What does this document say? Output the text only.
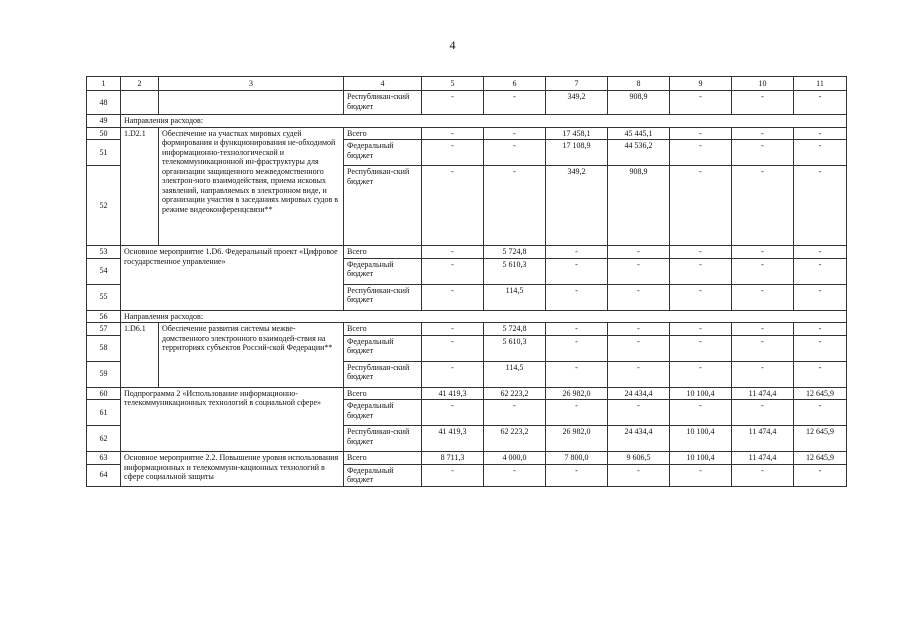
4
1	2	3	4	5	6	7	8	9	10	11
48			Республикан-ский бюджет	-	-	349,2	908,9	-	-	-
49	Направления расходов:									
50	1.D2.1	Обеспечение на участках мировых судей формирования и функционирования не-обходимой информационно-технологической и телекоммуникационной ин-фраструктуры для организации защищенного межведомственного электрон-ного взаимодействия, приема исковых заявлений, направляемых в электронном виде, и организации участия в заседаниях мировых судов в режиме видеоконференцсвязи**	Всего	-	-	17 458,1	45 445,1	-	-	-
51			Федеральный бюджет	-	-	17 108,9	44 536,2	-	-	-
52			Республикан-ский бюджет	-	-	349,2	908,9	-	-	-
53	Основное мероприятие 1.D6. Федеральный проект «Цифровое государственное управление»		Всего	-	5 724,8	-	-	-	-	-
54			Федеральный бюджет	-	5 610,3	-	-	-	-	-
55			Республикан-ский бюджет	-	114,5	-	-	-	-	-
56	Направления расходов:									
57	1.D6.1	Обеспечение развития системы межве-домственного электронного взаимодей-ствия на территориях субъектов Россий-ской Федерации**	Всего	-	5 724,8	-	-	-	-	-
58			Федеральный бюджет	-	5 610,3	-	-	-	-	-
59			Республикан-ский бюджет	-	114,5	-	-	-	-	-
60	Подпрограмма 2 «Использование информационно-телекоммуникационных технологий в социальной сфере»		Всего	41 419,3	62 223,2	26 982,0	24 434,4	10 100,4	11 474,4	12 645,9
61			Федеральный бюджет	-	-	-	-	-	-	-
62			Республикан-ский бюджет	41 419,3	62 223,2	26 982,0	24 434,4	10 100,4	11 474,4	12 645,9
63	Основное мероприятие 2.2. Повышение уровня использования информационных и телекоммуни-кационных технологий в сфере социальной защиты		Всего	8 711,3	4 000,0	7 800,0	9 606,5	10 100,4	11 474,4	12 645,9
64			Федеральный бюджет	-	-	-	-	-	-	-
